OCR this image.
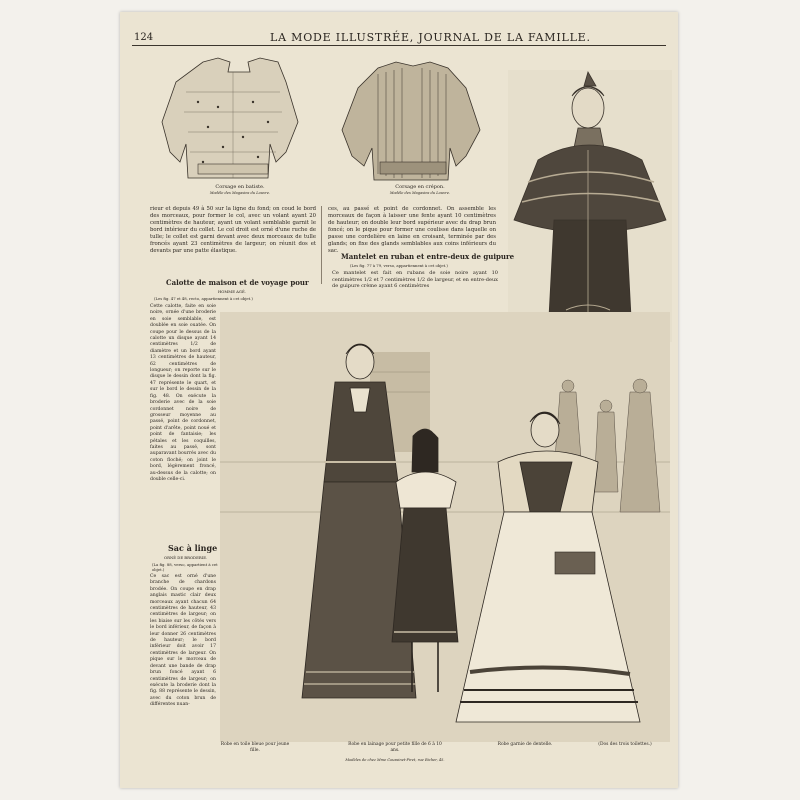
124	LA MODE ILLUSTRÉE, JOURNAL DE LA FAMILLE.
Corsage en batiste.
Modèle des Magasins du Louvre.
Corsage en crépon.
Modèle des Magasins du Louvre.
rieur et depuis 49 à 50 sur la ligne du fond; on coud le bord des morceaux, pour former le col, avec un volant ayant 20 centimètres de hauteur, ayant un volant semblable garnit le bord intérieur du collet. Le col droit est orné d'une ruche de tulle; le collet est garni devant avec deux morceaux de tulle froncés ayant 23 centimètres de largeur; on réunit dos et devants par une patte élastique.
ces, au passé et point de cordonnet. On assemble les morceaux de façon à laisser une fente ayant 10 centimètres de hauteur; on double leur bord supérieur avec du drap brun foncé; on le pique pour former une coulisse dans laquelle on passe une cordelière en laine en croisant, terminée par des glands; on fixe des glands semblables aux coins inférieurs du sac.
Calotte de maison et de voyage pour
HOMME AGÉ.
(Les fig. 47 et 48, recto, appartiennent à cet objet.)
Cette calotte, faite en soie noire, ornée d'une broderie en soie semblable, est doublée en soie ouatée. On coupe pour le dessus de la calotte un disque ayant 14 centimètres 1/2 de diamètre et un bord ayant 13 centimètres de hauteur, 62 centimètres de longueur; on reporte sur le disque le dessin dont la fig. 47 représente le quart, et sur le bord le dessin de la fig. 48. On exécute la broderie avec de la soie cordonnet noire de grosseur moyenne au passé, point de cordonnet, point d'arête, point noué et point de fantaisie; les pétales et les coquilles, faites au passé, sont auparavant bourrés avec du coton floché; on joint le bord, légèrement froncé, au-dessus de la calotte; on double celle-ci.
Mantelet en ruban et entre-deux de guipure
(Les fig. 77 à 79, verso, appartiennent à cet objet.)
Ce mantelet est fait en rubans de soie noire ayant 10 centimètres 1/2 et 7 centimètres 1/2 de largeur, et en entre-deux de guipure crème ayant 6 centimètres
Sac à linge
ORNÉ DE BRODERIE.
(La fig. 88, verso, appartient à cet objet.)
Ce sac est orné d'une branche de chardons brodée. On coupe en drap anglais mastic clair deux morceaux ayant chacun 64 centimètres de hauteur, 43 centimètres de largeur; on les biaise sur les côtés vers le bord inférieur, de façon à leur donner 26 centimètres de hauteur; le bord inférieur doit avoir 17 centimètres de largeur. On pique sur le morceau de devant une bande de drap brun foncé ayant 6 centimètres de largeur; on exécute la broderie dont la fig. 88 représente le dessin, avec du coton brun de différentes nuan-
Robe en toile bleue pour jeune fille.
Robe en lainage pour petite fille de 6 à 10 ans.
Robe garnie de dentelle.	(Dos des trois toilettes.)
Modèles de chez Mme Coussinet-Piret, rue Richer, 45.
